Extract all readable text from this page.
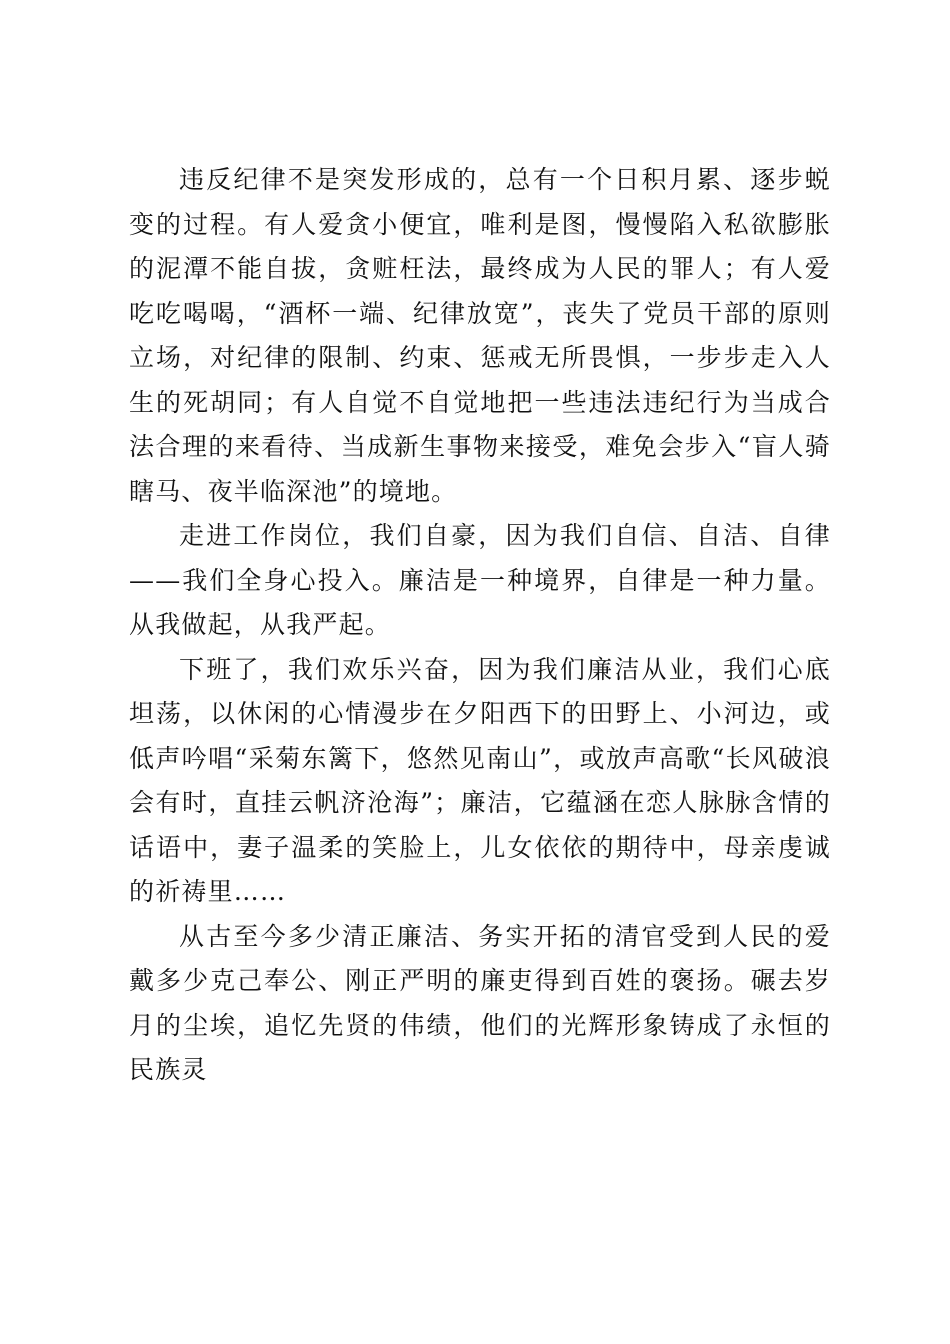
违反纪律不是突发形成的，总有一个日积月累、逐步蜕变的过程。有人爱贪小便宜，唯利是图，慢慢陷入私欲膨胀的泥潭不能自拔，贪赃枉法，最终成为人民的罪人；有人爱吃吃喝喝，“酒杯一端、纪律放宽”，丧失了党员干部的原则立场，对纪律的限制、约束、惩戒无所畏惧，一步步走入人生的死胡同；有人自觉不自觉地把一些违法违纪行为当成合法合理的来看待、当成新生事物来接受，难免会步入“盲人骑瞎马、夜半临深池”的境地。

走进工作岗位，我们自豪，因为我们自信、自洁、自律——我们全身心投入。廉洁是一种境界，自律是一种力量。从我做起，从我严起。

下班了，我们欢乐兴奋，因为我们廉洁从业，我们心底坦荡，以休闲的心情漫步在夕阳西下的田野上、小河边，或低声吟唱“采菊东篱下，悠然见南山”，或放声高歌“长风破浪会有时，直挂云帆济沧海”；廉洁，它蕴涵在恋人脉脉含情的话语中，妻子温柔的笑脸上，儿女依依的期待中，母亲虔诚的祈祷里……

从古至今多少清正廉洁、务实开拓的清官受到人民的爱戴多少克己奉公、刚正严明的廉吏得到百姓的褒扬。碾去岁月的尘埃，追忆先贤的伟绩，他们的光辉形象铸成了永恒的民族灵
